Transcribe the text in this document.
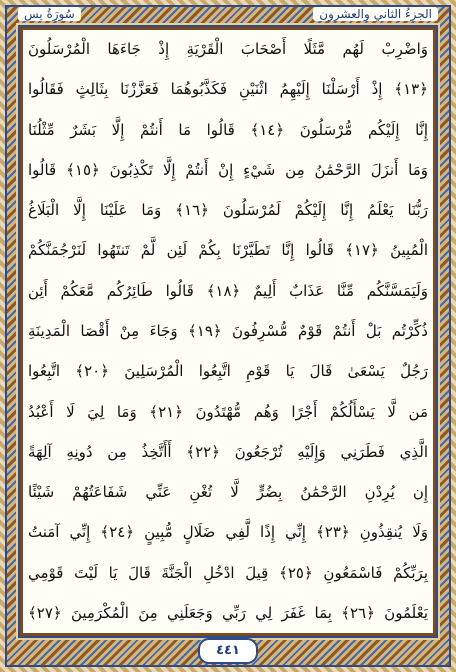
الجزءُ الثاني والعشرون
سُورَةُ يس
وَاضْرِبْ لَهُم مَّثَلًا أَصْحَابَ الْقَرْيَةِ إِذْ جَاءَهَا الْمُرْسَلُونَ
﴿١٣﴾ إِذْ أَرْسَلْنَا إِلَيْهِمُ اثْنَيْنِ فَكَذَّبُوهُمَا فَعَزَّزْنَا بِثَالِثٍ فَقَالُوا
إِنَّا إِلَيْكُم مُّرْسَلُونَ ﴿١٤﴾ قَالُوا مَا أَنتُمْ إِلَّا بَشَرٌ مِّثْلُنَا
وَمَا أَنزَلَ الرَّحْمَٰنُ مِن شَيْءٍ إِنْ أَنتُمْ إِلَّا تَكْذِبُونَ ﴿١٥﴾ قَالُوا
رَبُّنَا يَعْلَمُ إِنَّا إِلَيْكُمْ لَمُرْسَلُونَ ﴿١٦﴾ وَمَا عَلَيْنَا إِلَّا الْبَلَاغُ
الْمُبِينُ ﴿١٧﴾ قَالُوا إِنَّا تَطَيَّرْنَا بِكُمْ لَئِن لَّمْ تَنتَهُوا لَنَرْجُمَنَّكُمْ
وَلَيَمَسَّنَّكُم مِّنَّا عَذَابٌ أَلِيمٌ ﴿١٨﴾ قَالُوا طَائِرُكُم مَّعَكُمْ أَئِن
ذُكِّرْتُم بَلْ أَنتُمْ قَوْمٌ مُّسْرِفُونَ ﴿١٩﴾ وَجَاءَ مِنْ أَقْصَا الْمَدِينَةِ
رَجُلٌ يَسْعَىٰ قَالَ يَا قَوْمِ اتَّبِعُوا الْمُرْسَلِينَ ﴿٢٠﴾ اتَّبِعُوا
مَن لَّا يَسْأَلُكُمْ أَجْرًا وَهُم مُّهْتَدُونَ ﴿٢١﴾ وَمَا لِيَ لَا أَعْبُدُ
الَّذِي فَطَرَنِي وَإِلَيْهِ تُرْجَعُونَ ﴿٢٢﴾ أَأَتَّخِذُ مِن دُونِهِ آلِهَةً
إِن يُرِدْنِ الرَّحْمَٰنُ بِضُرٍّ لَّا تُغْنِ عَنِّي شَفَاعَتُهُمْ شَيْئًا
وَلَا يُنقِذُونِ ﴿٢٣﴾ إِنِّي إِذًا لَّفِي ضَلَالٍ مُّبِينٍ ﴿٢٤﴾ إِنِّي آمَنتُ
بِرَبِّكُمْ فَاسْمَعُونِ ﴿٢٥﴾ قِيلَ ادْخُلِ الْجَنَّةَ قَالَ يَا لَيْتَ قَوْمِي
يَعْلَمُونَ ﴿٢٦﴾ بِمَا غَفَرَ لِي رَبِّي وَجَعَلَنِي مِنَ الْمُكْرَمِينَ ﴿٢٧﴾
٤٤١
